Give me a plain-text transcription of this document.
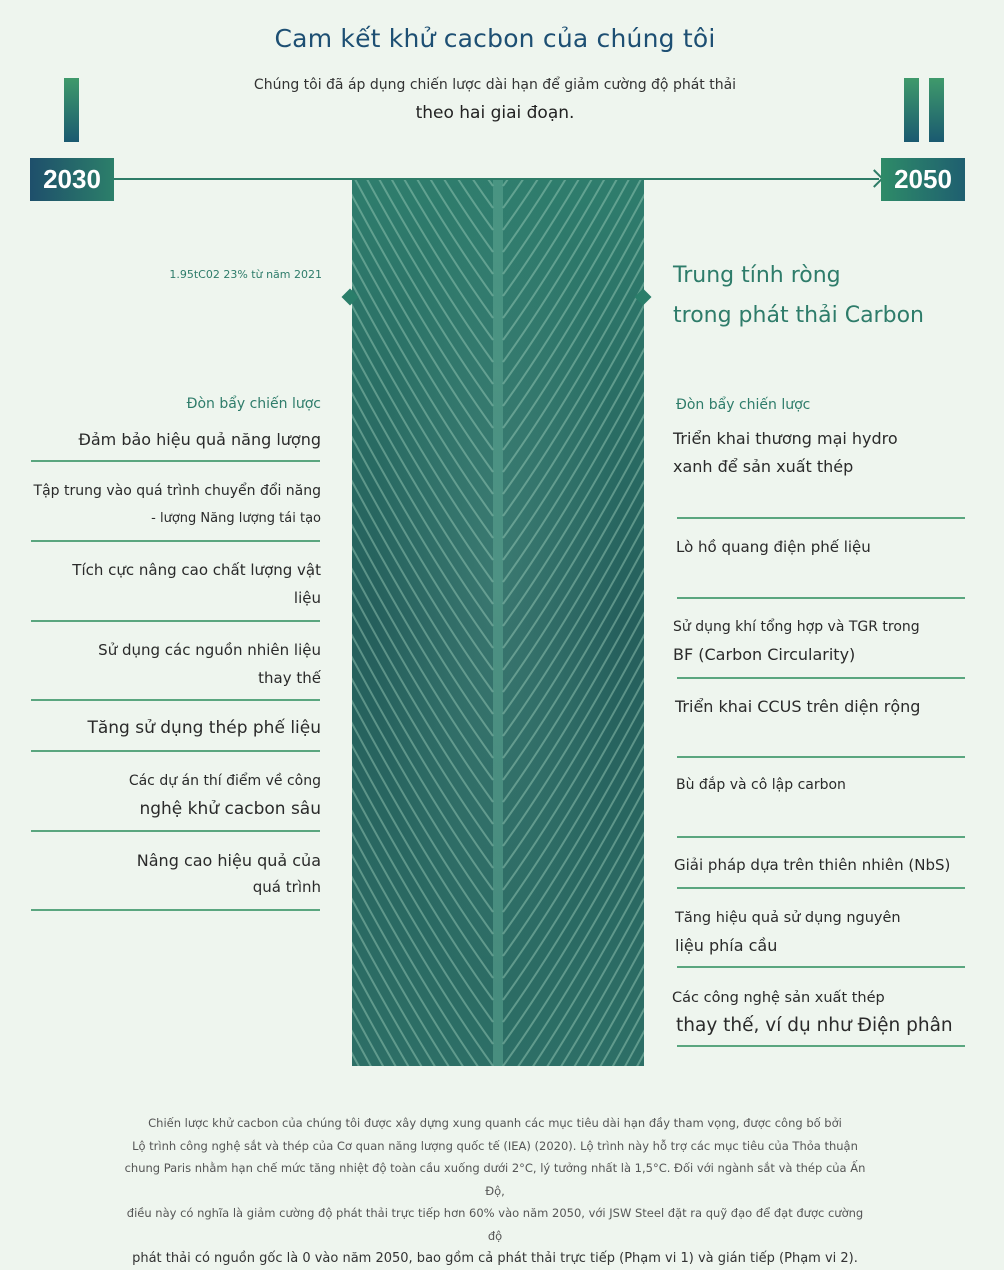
Cam kết khử cacbon của chúng tôi
Chúng tôi đã áp dụng chiến lược dài hạn để giảm cường độ phát thải
theo hai giai đoạn.
2030	2050
1.95tC02 23% từ năm 2021
Đòn bẩy chiến lược
Đảm bảo hiệu quả năng lượng
Tập trung vào quá trình chuyển đổi năng
- lượng Năng lượng tái tạo
Tích cực nâng cao chất lượng vật
liệu
Sử dụng các nguồn nhiên liệu
thay thế
Tăng sử dụng thép phế liệu
Các dự án thí điểm về công
nghệ khử cacbon sâu
Nâng cao hiệu quả của
quá trình
Trung tính ròng
trong phát thải Carbon
Đòn bẩy chiến lược
Triển khai thương mại hydro
xanh để sản xuất thép
Lò hồ quang điện phế liệu
Sử dụng khí tổng hợp và TGR trong
BF (Carbon Circularity)
Triển khai CCUS trên diện rộng
Bù đắp và cô lập carbon
Giải pháp dựa trên thiên nhiên (NbS)
Tăng hiệu quả sử dụng nguyên
liệu phía cầu
Các công nghệ sản xuất thép
thay thế, ví dụ như Điện phân
Chiến lược khử cacbon của chúng tôi được xây dựng xung quanh các mục tiêu dài hạn đầy tham vọng, được công bố bởi
Lộ trình công nghệ sắt và thép của Cơ quan năng lượng quốc tế (IEA) (2020). Lộ trình này hỗ trợ các mục tiêu của Thỏa thuận
chung Paris nhằm hạn chế mức tăng nhiệt độ toàn cầu xuống dưới 2°C, lý tưởng nhất là 1,5°C. Đối với ngành sắt và thép của Ấn Độ,
điều này có nghĩa là giảm cường độ phát thải trực tiếp hơn 60% vào năm 2050, với JSW Steel đặt ra quỹ đạo để đạt được cường độ
phát thải có nguồn gốc là 0 vào năm 2050, bao gồm cả phát thải trực tiếp (Phạm vi 1) và gián tiếp (Phạm vi 2).
